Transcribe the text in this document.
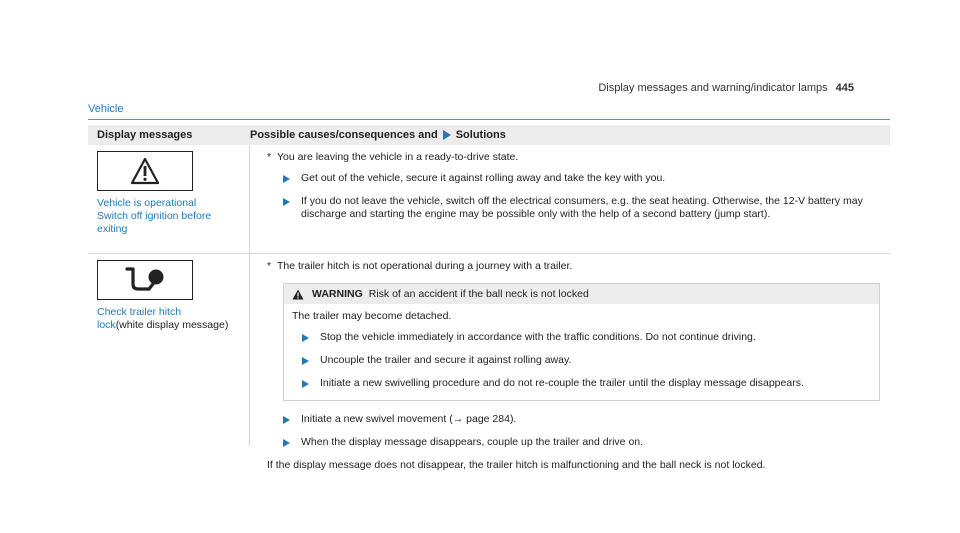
Display messages and warning/indicator lamps 445
Vehicle
Display messages	Possible causes/consequences and Solutions
Vehicle is operational
Switch off ignition before
exiting
* You are leaving the vehicle in a ready-to-drive state.
Get out of the vehicle, secure it against rolling away and take the key with you.
If you do not leave the vehicle, switch off the electrical consumers, e.g. the seat heating. Otherwise, the 12-V battery may discharge and starting the engine may be possible only with the help of a second battery (jump start).
Check trailer hitch
lock(white display message)
* The trailer hitch is not operational during a journey with a trailer.
WARNING Risk of an accident if the ball neck is not locked
The trailer may become detached.
Stop the vehicle immediately in accordance with the traffic conditions. Do not continue driving.
Uncouple the trailer and secure it against rolling away.
Initiate a new swivelling procedure and do not re-couple the trailer until the display message disappears.
Initiate a new swivel movement (→ page 284).
When the display message disappears, couple up the trailer and drive on.
If the display message does not disappear, the trailer hitch is malfunctioning and the ball neck is not locked.
